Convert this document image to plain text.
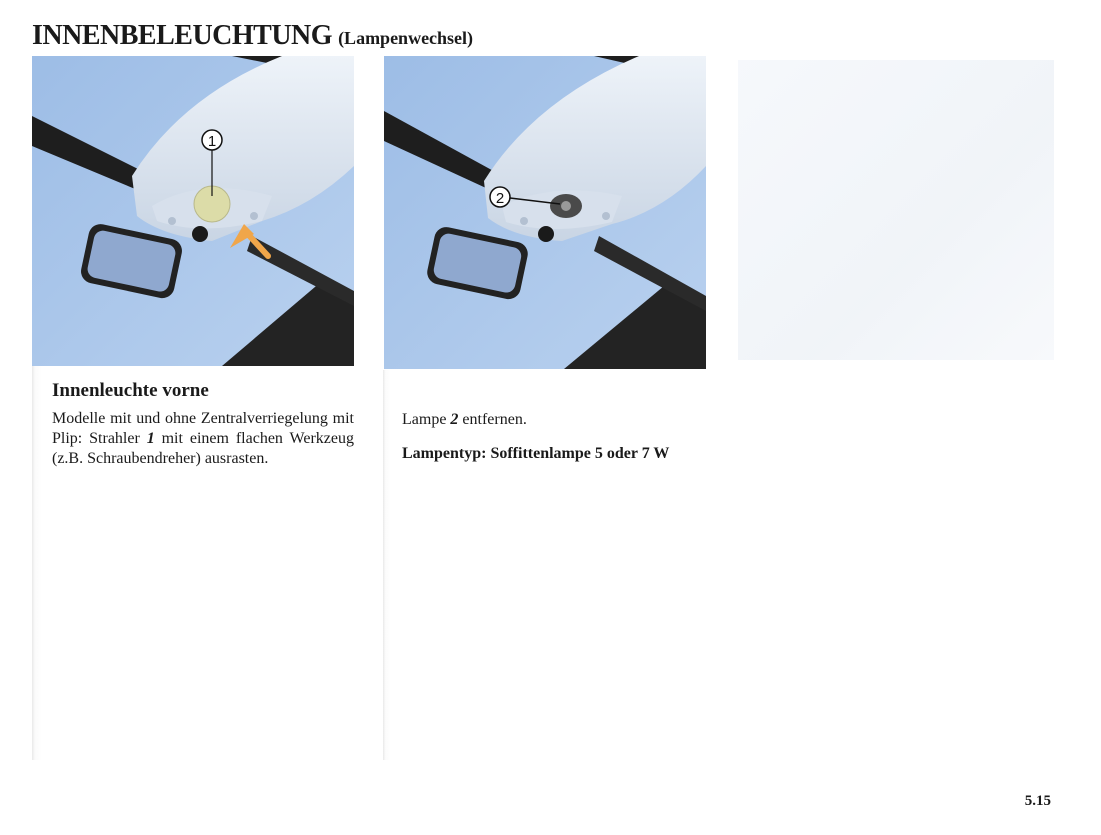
INNENBELEUCHTUNG (Lampenwechsel)
1
2
Innenleuchte vorne

Modelle mit und ohne Zentralverriegelung mit Plip: Strahler 1 mit einem flachen Werkzeug (z.B. Schraubendreher) ausrasten.

Lampe 2 entfernen.

Lampentyp: Soffittenlampe 5 oder 7 W

5.15
